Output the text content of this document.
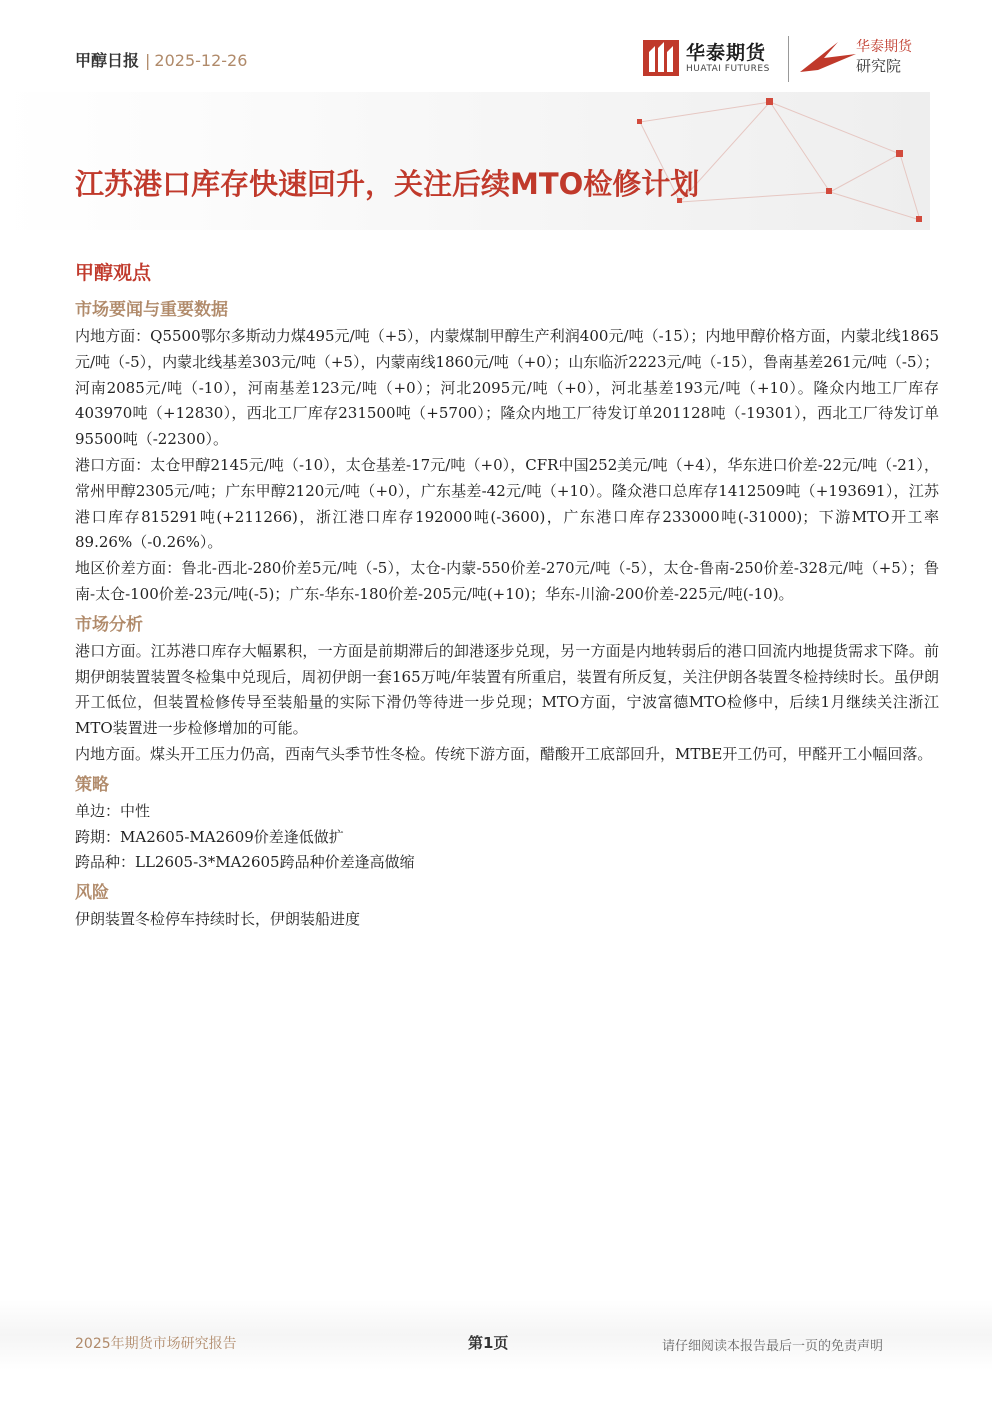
甲醇日报 | 2025-12-26	华泰期货
HUATAI FUTURES
华泰期货
研究院
江苏港口库存快速回升，关注后续MTO检修计划
甲醇观点
市场要闻与重要数据

内地方面：Q5500鄂尔多斯动力煤495元/吨（+5），内蒙煤制甲醇生产利润400元/吨（-15）；内地甲醇价格方面，内蒙北线1865元/吨（-5），内蒙北线基差303元/吨（+5），内蒙南线1860元/吨（+0）；山东临沂2223元/吨（-15），鲁南基差261元/吨（-5）；河南2085元/吨（-10），河南基差123元/吨（+0）；河北2095元/吨（+0），河北基差193元/吨（+10）。隆众内地工厂库存403970吨（+12830），西北工厂库存231500吨（+5700）；隆众内地工厂待发订单201128吨（-19301），西北工厂待发订单95500吨（-22300）。

港口方面：太仓甲醇2145元/吨（-10），太仓基差-17元/吨（+0），CFR中国252美元/吨（+4），华东进口价差-22元/吨（-21），常州甲醇2305元/吨；广东甲醇2120元/吨（+0），广东基差-42元/吨（+10）。隆众港口总库存1412509吨（+193691），江苏港口库存815291吨(+211266)，浙江港口库存192000吨(-3600)，广东港口库存233000吨(-31000)；下游MTO开工率89.26%（-0.26%）。

地区价差方面：鲁北-西北-280价差5元/吨（-5），太仓-内蒙-550价差-270元/吨（-5），太仓-鲁南-250价差-328元/吨（+5）；鲁南-太仓-100价差-23元/吨(-5)；广东-华东-180价差-205元/吨(+10)；华东-川渝-200价差-225元/吨(-10)。

市场分析

港口方面。江苏港口库存大幅累积，一方面是前期滞后的卸港逐步兑现，另一方面是内地转弱后的港口回流内地提货需求下降。前期伊朗装置装置冬检集中兑现后，周初伊朗一套165万吨/年装置有所重启，装置有所反复，关注伊朗各装置冬检持续时长。虽伊朗开工低位，但装置检修传导至装船量的实际下滑仍等待进一步兑现；MTO方面，宁波富德MTO检修中，后续1月继续关注浙江MTO装置进一步检修增加的可能。

内地方面。煤头开工压力仍高，西南气头季节性冬检。传统下游方面，醋酸开工底部回升，MTBE开工仍可，甲醛开工小幅回落。

策略

单边：中性

跨期：MA2605-MA2609价差逢低做扩

跨品种：LL2605-3*MA2605跨品种价差逢高做缩

风险

伊朗装置冬检停车持续时长，伊朗装船进度

2025年期货市场研究报告	第1页	请仔细阅读本报告最后一页的免责声明
